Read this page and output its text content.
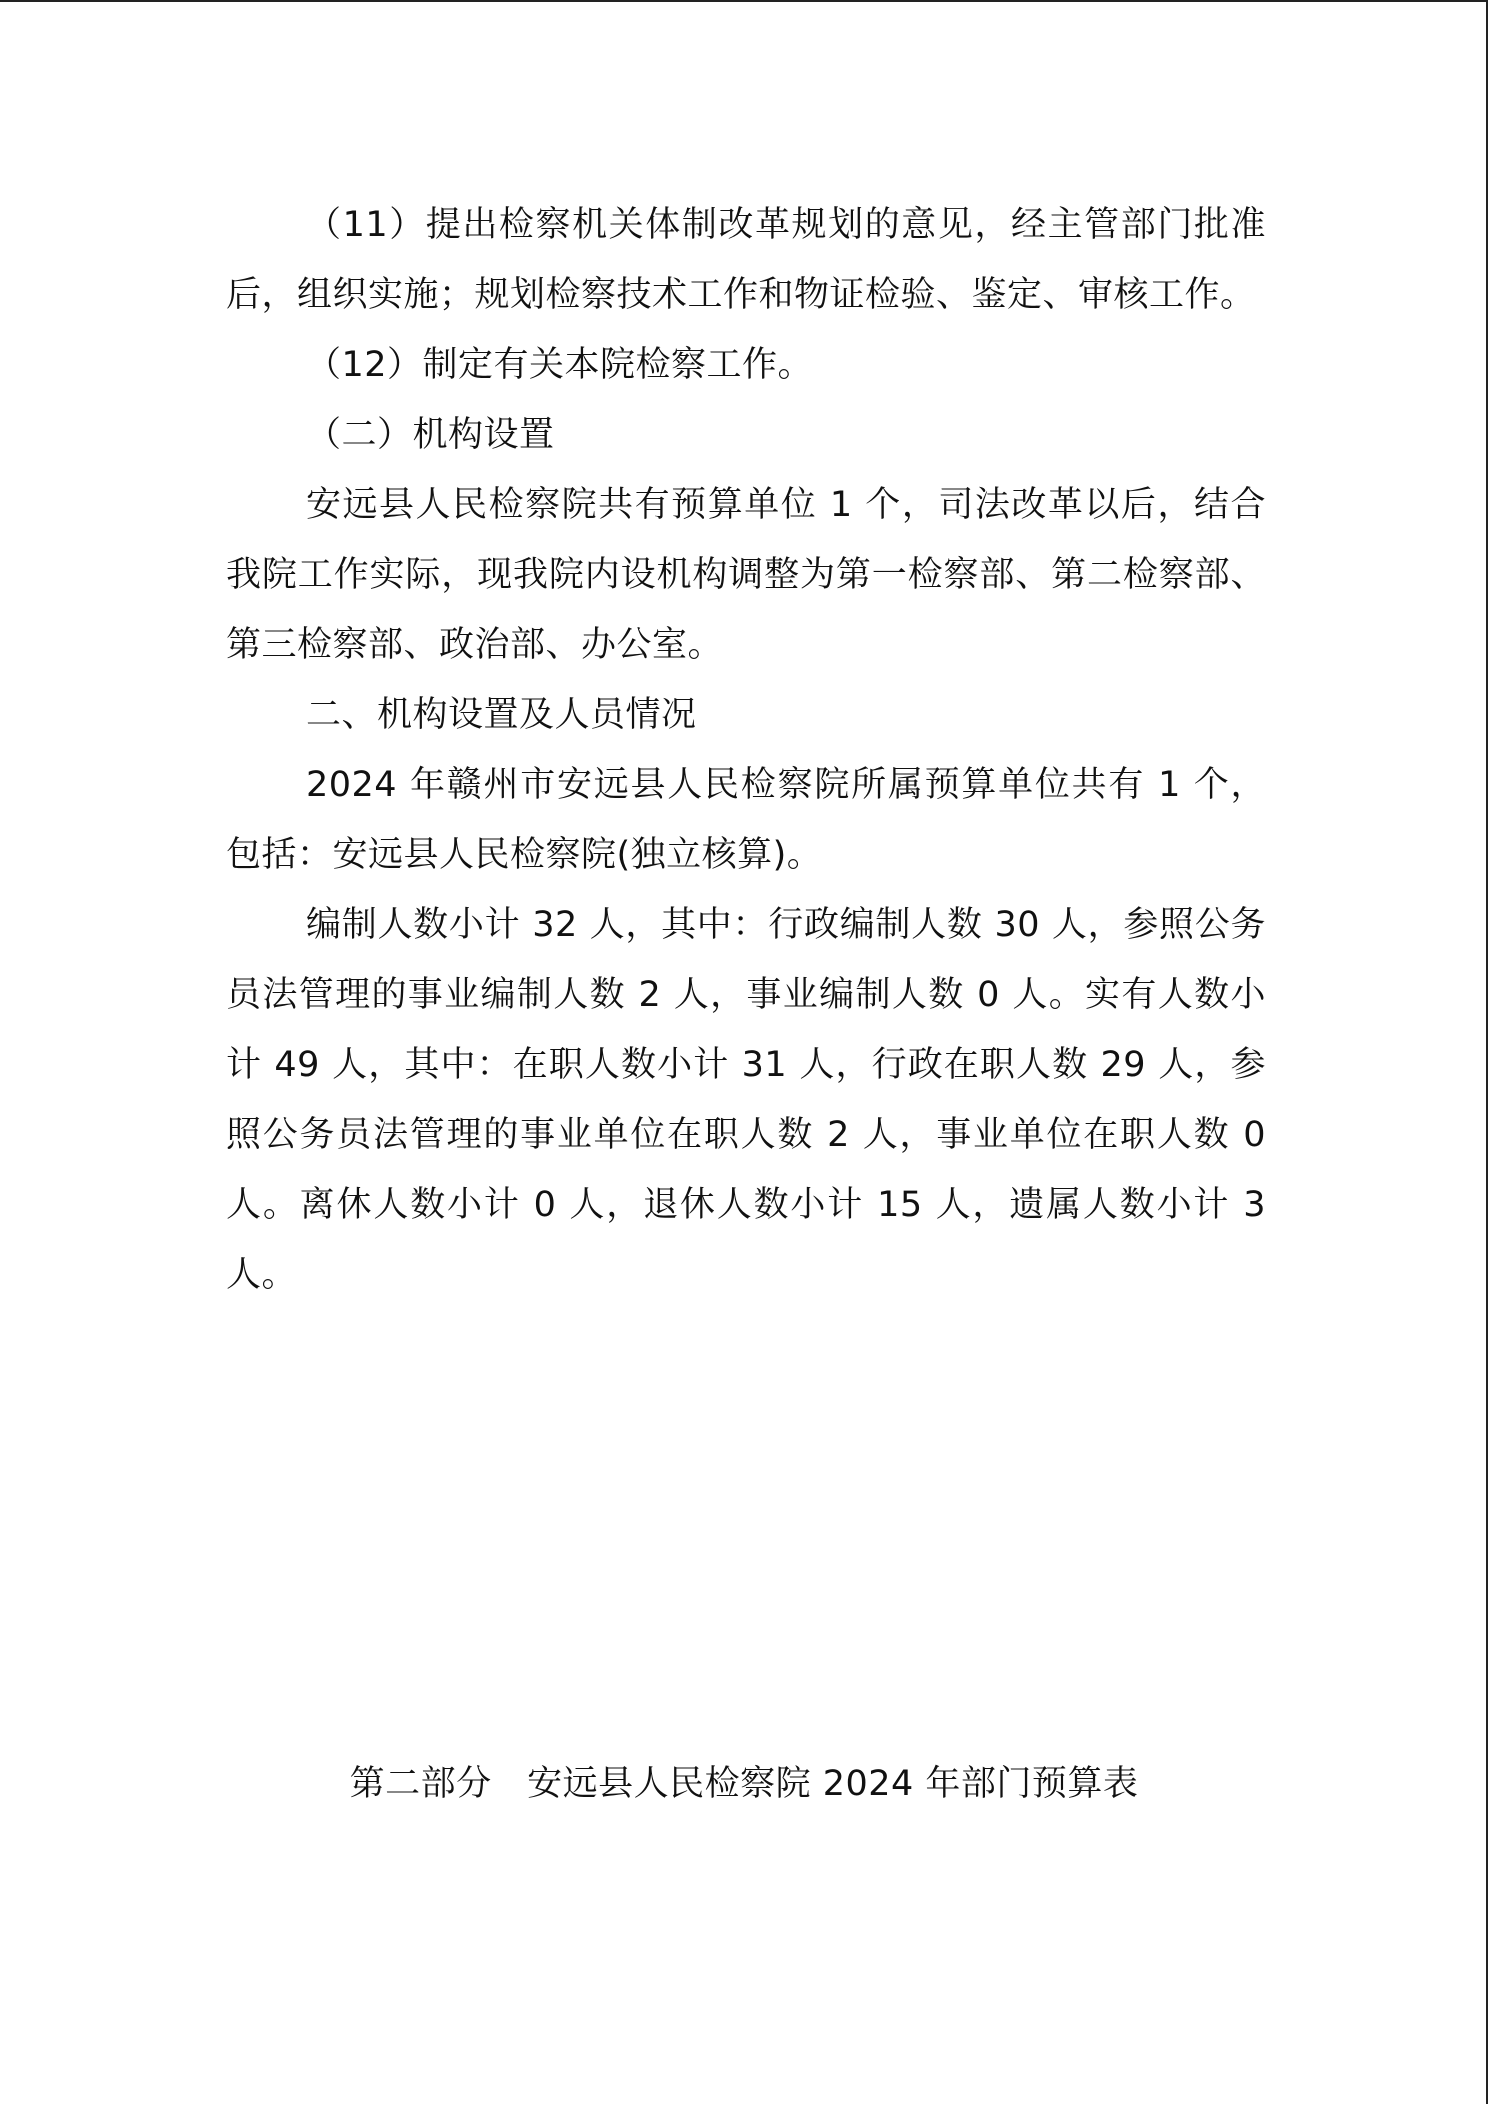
（11）提出检察机关体制改革规划的意见，经主管部门批准后，组织实施；规划检察技术工作和物证检验、鉴定、审核工作。

（12）制定有关本院检察工作。

（二）机构设置

安远县人民检察院共有预算单位 1 个，司法改革以后，结合我院工作实际，现我院内设机构调整为第一检察部、第二检察部、第三检察部、政治部、办公室。

二、机构设置及人员情况

2024 年赣州市安远县人民检察院所属预算单位共有 1 个，包括：安远县人民检察院(独立核算)。

编制人数小计 32 人，其中：行政编制人数 30 人，参照公务员法管理的事业编制人数 2 人，事业编制人数 0 人。实有人数小计 49 人，其中：在职人数小计 31 人，行政在职人数 29 人，参照公务员法管理的事业单位在职人数 2 人，事业单位在职人数 0 人。离休人数小计 0 人，退休人数小计 15 人，遗属人数小计 3 人。

第二部分　安远县人民检察院 2024 年部门预算表
